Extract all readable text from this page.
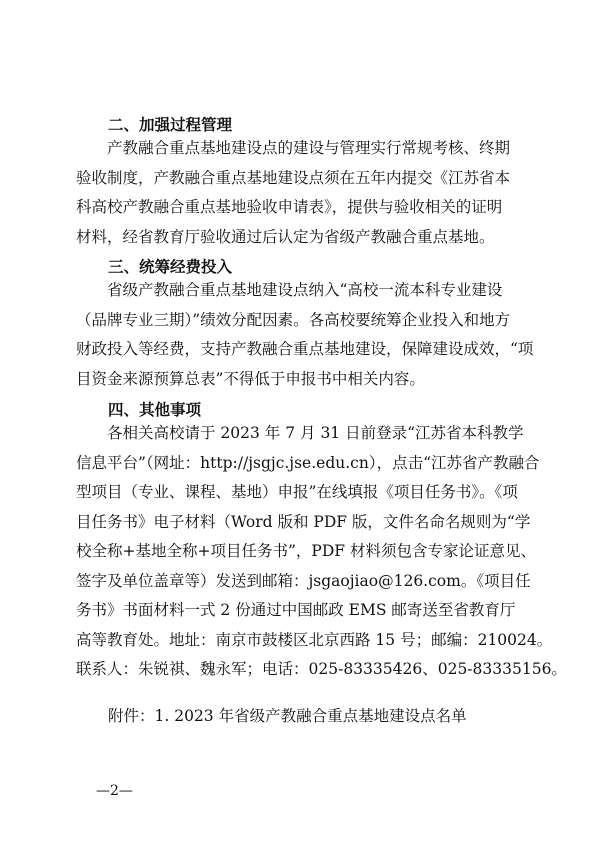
二、加强过程管理

产教融合重点基地建设点的建设与管理实行常规考核、终期
验收制度，产教融合重点基地建设点须在五年内提交《江苏省本
科高校产教融合重点基地验收申请表》，提供与验收相关的证明
材料，经省教育厅验收通过后认定为省级产教融合重点基地。

三、统筹经费投入

省级产教融合重点基地建设点纳入“高校一流本科专业建设
（品牌专业三期）”绩效分配因素。各高校要统筹企业投入和地方
财政投入等经费，支持产教融合重点基地建设，保障建设成效，“项
目资金来源预算总表”不得低于申报书中相关内容。

四、其他事项

各相关高校请于 2023 年 7 月 31 日前登录“江苏省本科教学
信息平台”（网址：http://jsgjc.jse.edu.cn），点击“江苏省产教融合
型项目（专业、课程、基地）申报”在线填报《项目任务书》。《项
目任务书》电子材料（Word 版和 PDF 版，文件名命名规则为“学
校全称+基地全称+项目任务书”，PDF 材料须包含专家论证意见、
签字及单位盖章等）发送到邮箱：jsgaojiao@126.com。《项目任
务书》书面材料一式 2 份通过中国邮政 EMS 邮寄送至省教育厅
高等教育处。地址：南京市鼓楼区北京西路 15 号；邮编：210024。
联系人：朱锐祺、魏永军；电话：025-83335426、025-83335156。

附件：1. 2023 年省级产教融合重点基地建设点名单

—2—
